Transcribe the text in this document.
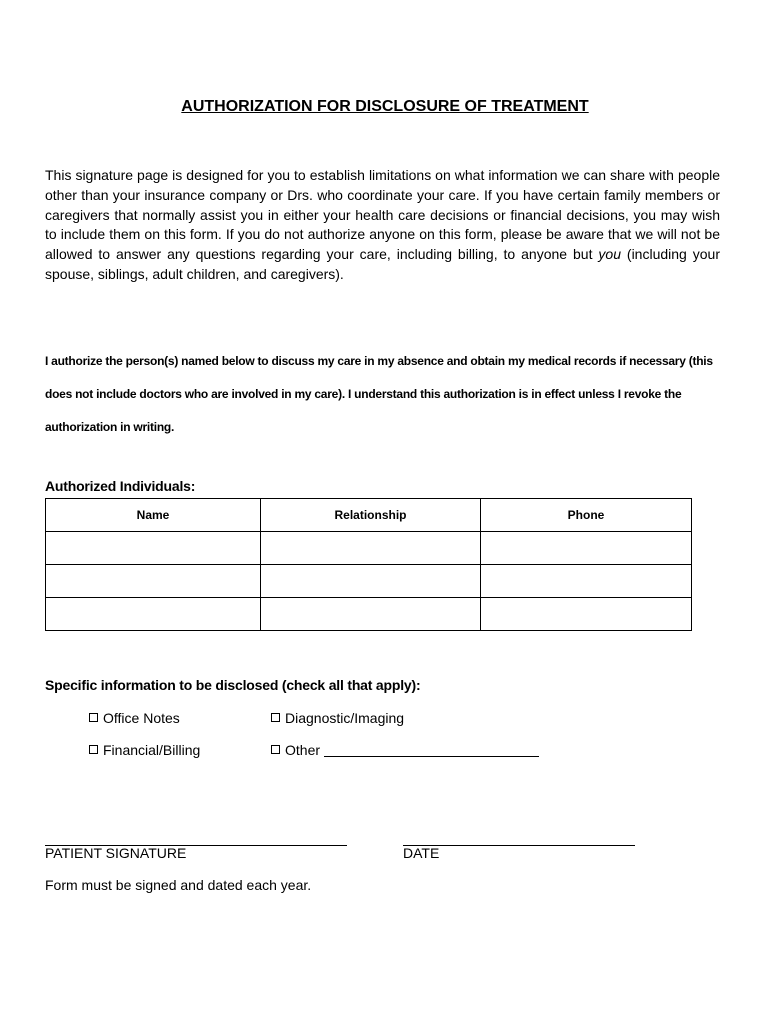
AUTHORIZATION FOR DISCLOSURE OF TREATMENT

This signature page is designed for you to establish limitations on what information we can share with people other than your insurance company or Drs. who coordinate your care. If you have certain family members or caregivers that normally assist you in either your health care decisions or financial decisions, you may wish to include them on this form. If you do not authorize anyone on this form, please be aware that we will not be allowed to answer any questions regarding your care, including billing, to anyone but you (including your spouse, siblings, adult children, and caregivers).

I authorize the person(s) named below to discuss my care in my absence and obtain my medical records if necessary (this does not include doctors who are involved in my care). I understand this authorization is in effect unless I revoke the authorization in writing.

Authorized Individuals:
Name	Relationship	Phone

Specific information to be disclosed (check all that apply):
Office Notes	Diagnostic/Imaging
Financial/Billing	Other
PATIENT SIGNATURE	DATE
Form must be signed and dated each year.
